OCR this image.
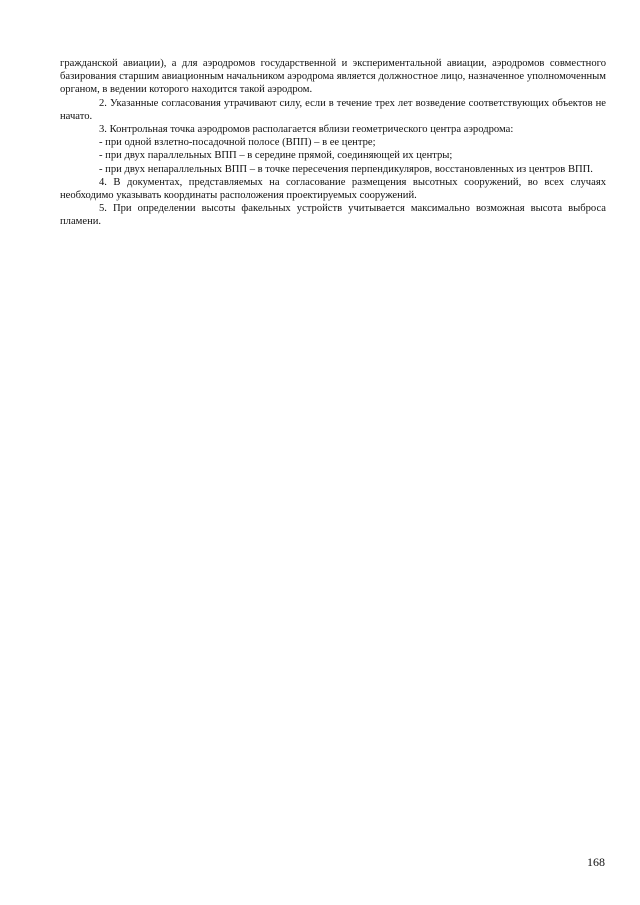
гражданской авиации), а для аэродромов государственной и экспериментальной авиации, аэродромов совместного базирования старшим авиационным начальником аэродрома является должностное лицо, назначенное уполномоченным органом, в ведении которого находится такой аэродром.

2. Указанные согласования утрачивают силу, если в течение трех лет возведение соответствующих объектов не начато.

3. Контрольная точка аэродромов располагается вблизи геометрического центра аэродрома:

- при одной взлетно-посадочной полосе (ВПП) – в ее центре;

- при двух параллельных ВПП – в середине прямой, соединяющей их центры;

- при двух непараллельных ВПП – в точке пересечения перпендикуляров, восстановленных из центров ВПП.

4. В документах, представляемых на согласование размещения высотных сооружений, во всех случаях необходимо указывать координаты расположения проектируемых сооружений.

5. При определении высоты факельных устройств учитывается максимально возможная высота выброса пламени.

168
